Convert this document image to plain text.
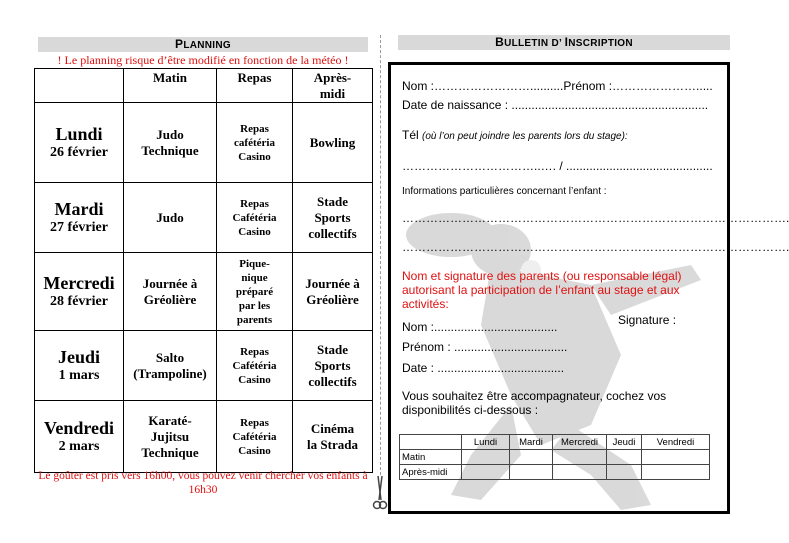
PLANNING
! Le planning risque d’être modifié en fonction de la météo !
	Matin	Repas	Après-midi

Lundi
26 février	Judo Technique	Repas cafétéria Casino	Bowling

Mardi
27 février	Judo	Repas Cafétéria Casino	Stade Sports collectifs

Mercredi
28 février	Journée à Gréolière	Pique-nique préparé par les parents	Journée à Gréolière

Jeudi
1 mars	Salto (Trampoline)	Repas Cafétéria Casino	Stade Sports collectifs

Vendredi
2 mars	Karaté-Jujitsu Technique	Repas Cafétéria Casino	Cinéma la Strada
Le goûter est pris vers 16h00, vous pouvez venir chercher vos enfants à 16h30
BULLETIN D’ INSCRIPTION
Nom :……………………..........Prénom :………………….....
Date de naissance : ...........................................................
Tél (où l’on peut joindre les parents lors du stage):
……………………………..…. / ............................................
Informations particulières concernant l’enfant :
…………………………………………………………………………………….
…………………………………………………………………………………….
Nom et signature des parents (ou responsable légal) autorisant la participation de l’enfant au stage et aux activités:
Nom :.....................................	Signature :
Prénom : ..................................
Date : ......................................
Vous souhaitez être accompagnateur, cochez vos disponibilités ci-dessous :
	Lundi	Mardi	Mercredi	Jeudi	Vendredi
Matin					
Après-midi					
